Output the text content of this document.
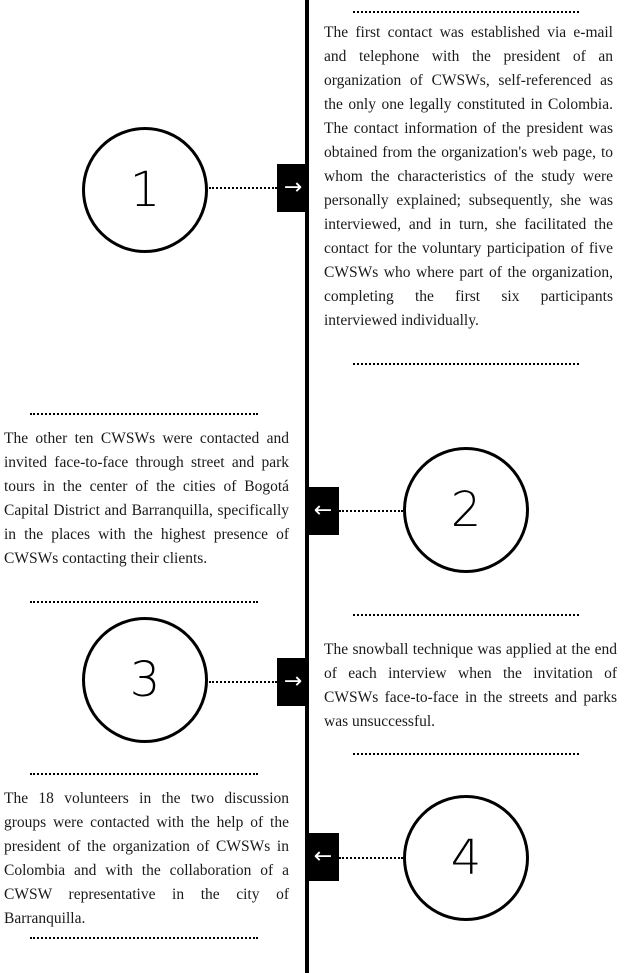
The first contact was established via e-mail and telephone with the president of an organization of CWSWs, self-referenced as the only one legally constituted in Colombia. The contact information of the president was obtained from the organization's web page, to whom the characteristics of the study were personally explained; subsequently, she was interviewed, and in turn, she facilitated the contact for the voluntary participation of five CWSWs who where part of the organization, completing the first six participants interviewed individually.

1	→

The other ten CWSWs were contacted and invited face-to-face through street and park tours in the center of the cities of Bogotá Capital District and Barranquilla, specifically in the places with the highest presence of CWSWs contacting their clients.

←	2

The snowball technique was applied at the end of each interview when the invitation of CWSWs face-to-face in the streets and parks was unsuccessful.

3	→

The 18 volunteers in the two discussion groups were contacted with the help of the president of the organization of CWSWs in Colombia and with the collaboration of a CWSW representative in the city of Barranquilla.

←	4
